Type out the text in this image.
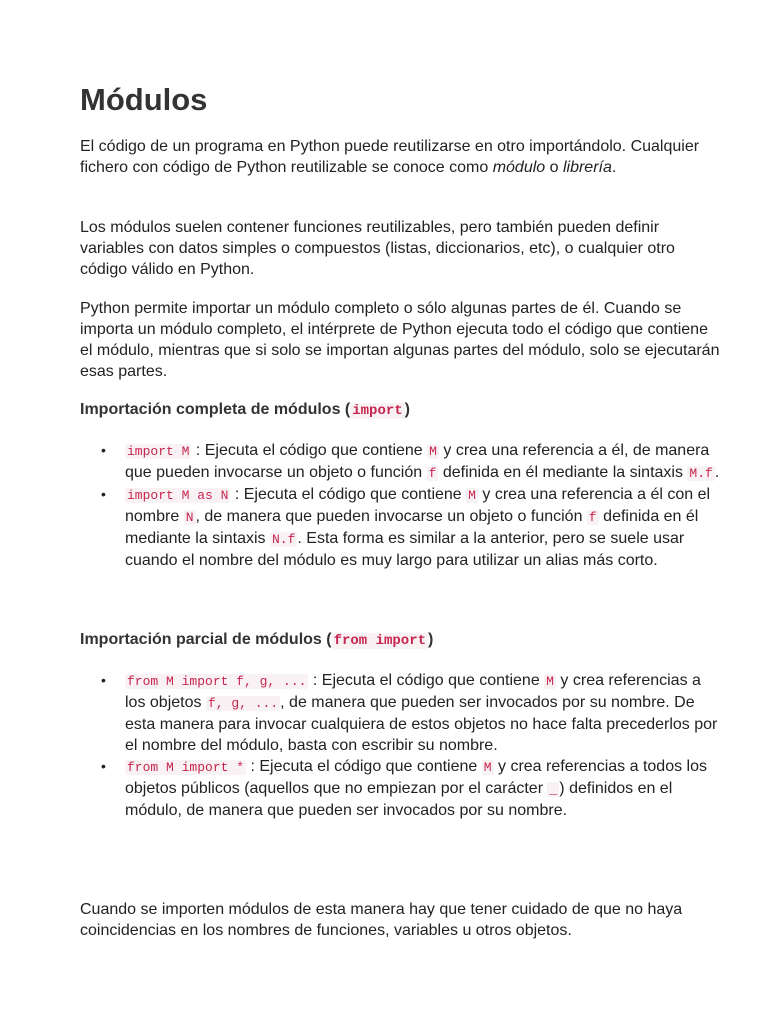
Módulos

El código de un programa en Python puede reutilizarse en otro importándolo. Cualquier fichero con código de Python reutilizable se conoce como módulo o librería.

Los módulos suelen contener funciones reutilizables, pero también pueden definir variables con datos simples o compuestos (listas, diccionarios, etc), o cualquier otro código válido en Python.

Python permite importar un módulo completo o sólo algunas partes de él. Cuando se importa un módulo completo, el intérprete de Python ejecuta todo el código que contiene el módulo, mientras que si solo se importan algunas partes del módulo, solo se ejecutarán esas partes.

Importación completa de módulos ( import )
• import M : Ejecuta el código que contiene M y crea una referencia a él, de manera que pueden invocarse un objeto o función f definida en él mediante la sintaxis M.f .
• import M as N : Ejecuta el código que contiene M y crea una referencia a él con el nombre N , de manera que pueden invocarse un objeto o función f definida en él mediante la sintaxis N.f . Esta forma es similar a la anterior, pero se suele usar cuando el nombre del módulo es muy largo para utilizar un alias más corto.
Importación parcial de módulos ( from import )
• from M import f, g, ... : Ejecuta el código que contiene M y crea referencias a los objetos f, g, ... , de manera que pueden ser invocados por su nombre. De esta manera para invocar cualquiera de estos objetos no hace falta precederlos por el nombre del módulo, basta con escribir su nombre.
• from M import * : Ejecuta el código que contiene M y crea referencias a todos los objetos públicos (aquellos que no empiezan por el carácter _ ) definidos en el módulo, de manera que pueden ser invocados por su nombre.

Cuando se importen módulos de esta manera hay que tener cuidado de que no haya coincidencias en los nombres de funciones, variables u otros objetos.
